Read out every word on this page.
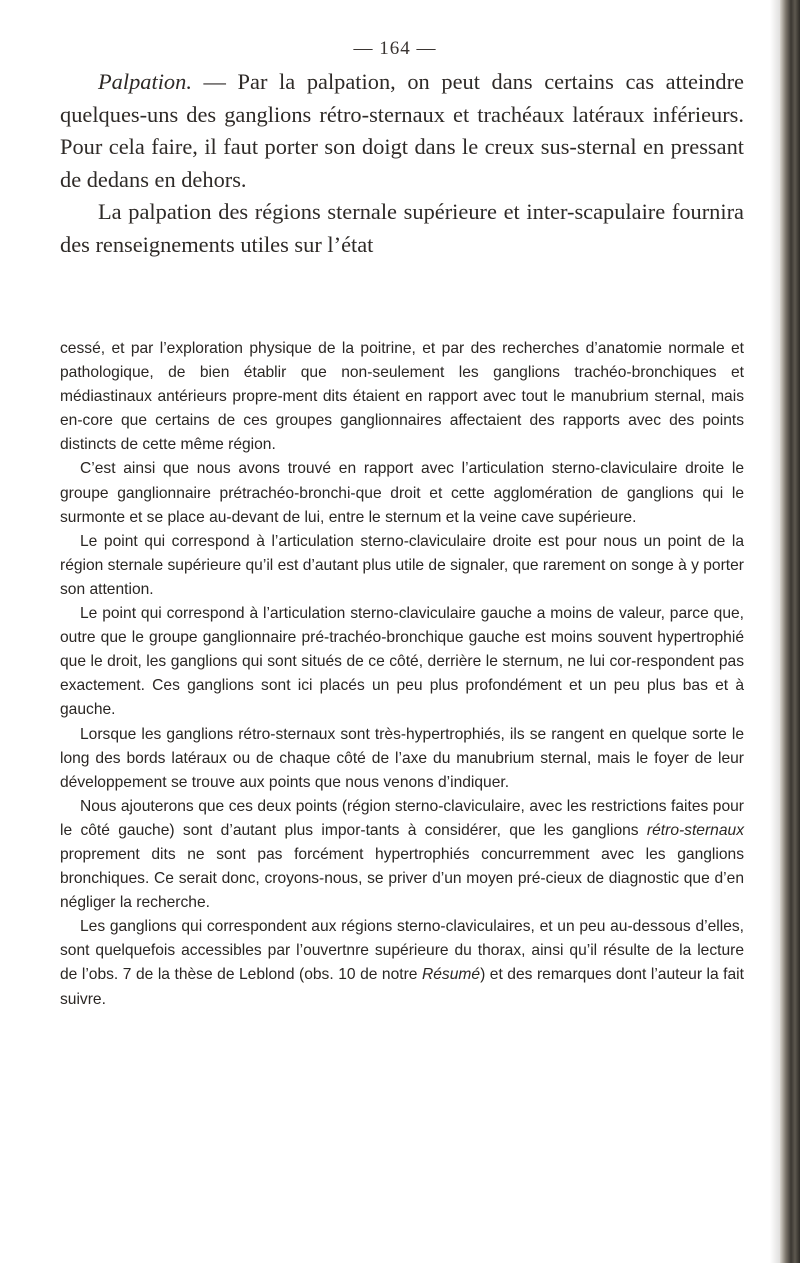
— 164 —

Palpation. — Par la palpation, on peut dans certains cas atteindre quelques-uns des ganglions rétro-sternaux et trachéaux latéraux inférieurs. Pour cela faire, il faut porter son doigt dans le creux sus-sternal en pressant de dedans en dehors.

La palpation des régions sternale supérieure et inter-scapulaire fournira des renseignements utiles sur l’état

cessé, et par l’exploration physique de la poitrine, et par des recherches d’anatomie normale et pathologique, de bien établir que non-seulement les ganglions trachéo-bronchiques et médiastinaux antérieurs propre-ment dits étaient en rapport avec tout le manubrium sternal, mais en-core que certains de ces groupes ganglionnaires affectaient des rapports avec des points distincts de cette même région.

C’est ainsi que nous avons trouvé en rapport avec l’articulation sterno-claviculaire droite le groupe ganglionnaire prétrachéo-bronchi-que droit et cette agglomération de ganglions qui le surmonte et se place au-devant de lui, entre le sternum et la veine cave supérieure.

Le point qui correspond à l’articulation sterno-claviculaire droite est pour nous un point de la région sternale supérieure qu’il est d’autant plus utile de signaler, que rarement on songe à y porter son attention.

Le point qui correspond à l’articulation sterno-claviculaire gauche a moins de valeur, parce que, outre que le groupe ganglionnaire pré-trachéo-bronchique gauche est moins souvent hypertrophié que le droit, les ganglions qui sont situés de ce côté, derrière le sternum, ne lui cor-respondent pas exactement. Ces ganglions sont ici placés un peu plus profondément et un peu plus bas et à gauche.

Lorsque les ganglions rétro-sternaux sont très-hypertrophiés, ils se rangent en quelque sorte le long des bords latéraux ou de chaque côté de l’axe du manubrium sternal, mais le foyer de leur développement se trouve aux points que nous venons d’indiquer.

Nous ajouterons que ces deux points (région sterno-claviculaire, avec les restrictions faites pour le côté gauche) sont d’autant plus impor-tants à considérer, que les ganglions rétro-sternaux proprement dits ne sont pas forcément hypertrophiés concurremment avec les ganglions bronchiques. Ce serait donc, croyons-nous, se priver d’un moyen pré-cieux de diagnostic que d’en négliger la recherche.

Les ganglions qui correspondent aux régions sterno-claviculaires, et un peu au-dessous d’elles, sont quelquefois accessibles par l’ouvertnre supérieure du thorax, ainsi qu’il résulte de la lecture de l’obs. 7 de la thèse de Leblond (obs. 10 de notre Résumé) et des remarques dont l’auteur la fait suivre.
